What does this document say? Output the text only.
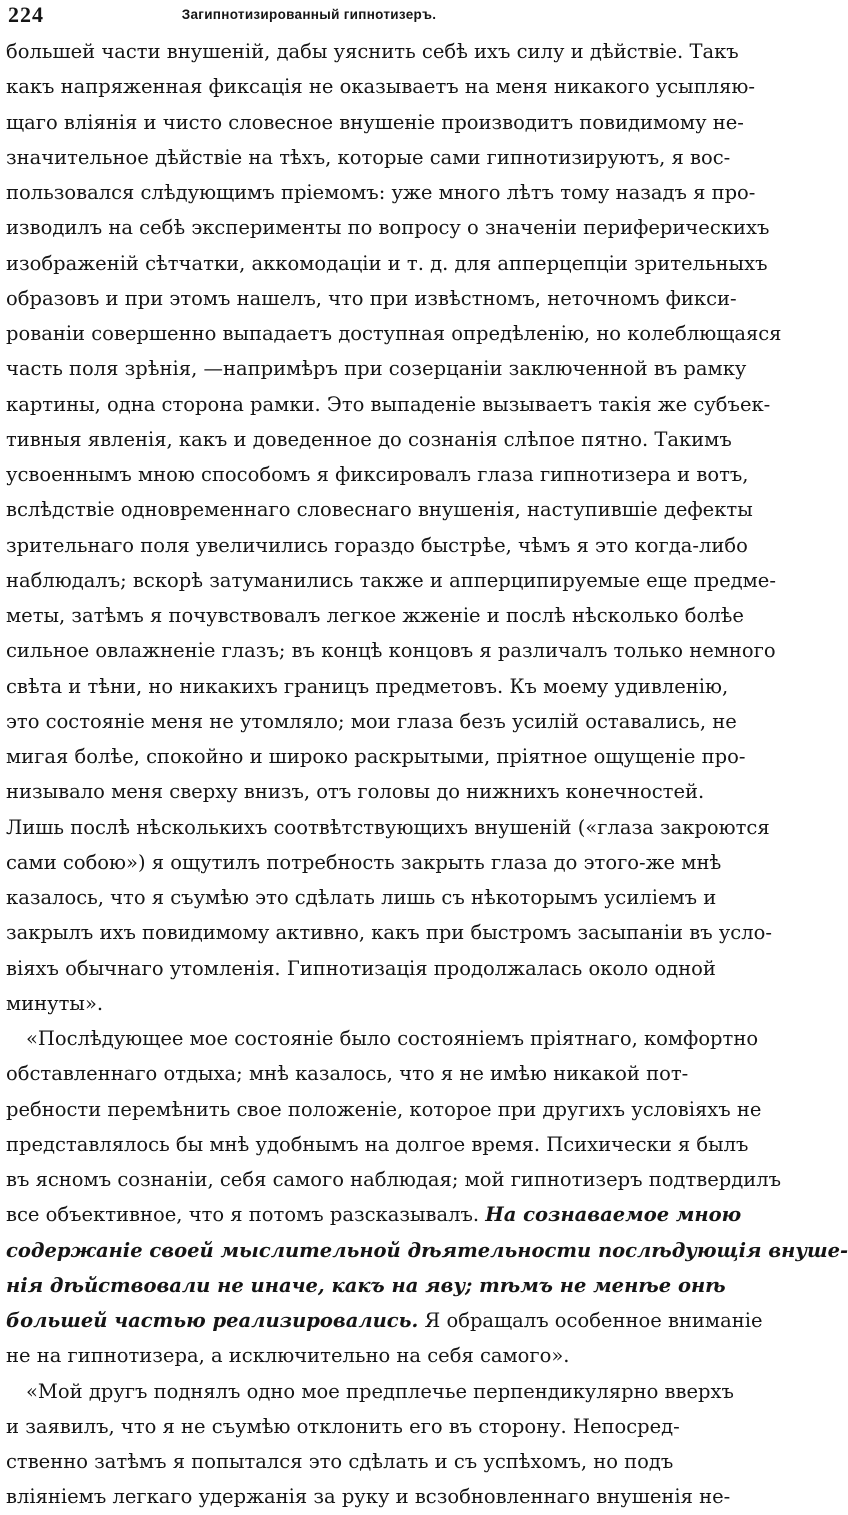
224	Загипнотизированный гипнотизеръ.
большей части внушеній, дабы уяснить себѣ ихъ силу и дѣйствіе. Такъ
какъ напряженная фиксація не оказываетъ на меня никакого усыпляю-
щаго вліянія и чисто словесное внушеніе производитъ повидимому не-
значительное дѣйствіе на тѣхъ, которые сами гипнотизируютъ, я вос-
пользовался слѣдующимъ пріемомъ: уже много лѣтъ тому назадъ я про-
изводилъ на себѣ эксперименты по вопросу о значеніи периферическихъ
изображеній сѣтчатки, аккомодаціи и т. д. для апперцепціи зрительныхъ
образовъ и при этомъ нашелъ, что при извѣстномъ, неточномъ фикси-
рованіи совершенно выпадаетъ доступная опредѣленію, но колеблющаяся
часть поля зрѣнія, —напримѣръ при созерцаніи заключенной въ рамку
картины, одна сторона рамки. Это выпаденіе вызываетъ такія же субъек-
тивныя явленія, какъ и доведенное до сознанія слѣпое пятно. Такимъ
усвоеннымъ мною способомъ я фиксировалъ глаза гипнотизера и вотъ,
вслѣдствіе одновременнаго словеснаго внушенія, наступившіе дефекты
зрительнаго поля увеличились гораздо быстрѣе, чѣмъ я это когда-либо
наблюдалъ; вскорѣ затуманились также и апперципируемые еще предме-
меты, затѣмъ я почувствовалъ легкое жженіе и послѣ нѣсколько болѣе
сильное овлажненіе глазъ; въ концѣ концовъ я различалъ только немного
свѣта и тѣни, но никакихъ границъ предметовъ. Къ моему удивленію,
это состояніе меня не утомляло; мои глаза безъ усилій оставались, не
мигая болѣе, спокойно и широко раскрытыми, пріятное ощущеніе про-
низывало меня сверху внизъ, отъ головы до нижнихъ конечностей.
Лишь послѣ нѣсколькихъ соотвѣтствующихъ внушеній («глаза закроются
сами собою») я ощутилъ потребность закрыть глаза до этого-же мнѣ
казалось, что я съумѣю это сдѣлать лишь съ нѣкоторымъ усиліемъ и
закрылъ ихъ повидимому активно, какъ при быстромъ засыпаніи въ усло-
віяхъ обычнаго утомленія. Гипнотизація продолжалась около одной
минуты».
«Послѣдующее мое состояніе было состояніемъ пріятнаго, комфортно
обставленнаго отдыха; мнѣ казалось, что я не имѣю никакой пот-
ребности перемѣнить свое положеніе, которое при другихъ условіяхъ не
представлялось бы мнѣ удобнымъ на долгое время. Психически я былъ
въ ясномъ сознаніи, себя самого наблюдая; мой гипнотизеръ подтвердилъ
все объективное, что я потомъ разсказывалъ. На сознаваемое мною
содержаніе своей мыслительной дѣятельности послѣдующія внуше-
нія дѣйствовали не иначе, какъ на яву; тѣмъ не менѣе онѣ
большей частью реализировались. Я обращалъ особенное вниманіе
не на гипнотизера, а исключительно на себя самого».
«Мой другъ поднялъ одно мое предплечье перпендикулярно вверхъ
и заявилъ, что я не съумѣю отклонить его въ сторону. Непосред-
ственно затѣмъ я попытался это сдѣлать и съ успѣхомъ, но подъ
вліяніемъ легкаго удержанія за руку и всзобновленнаго внушенія не-
